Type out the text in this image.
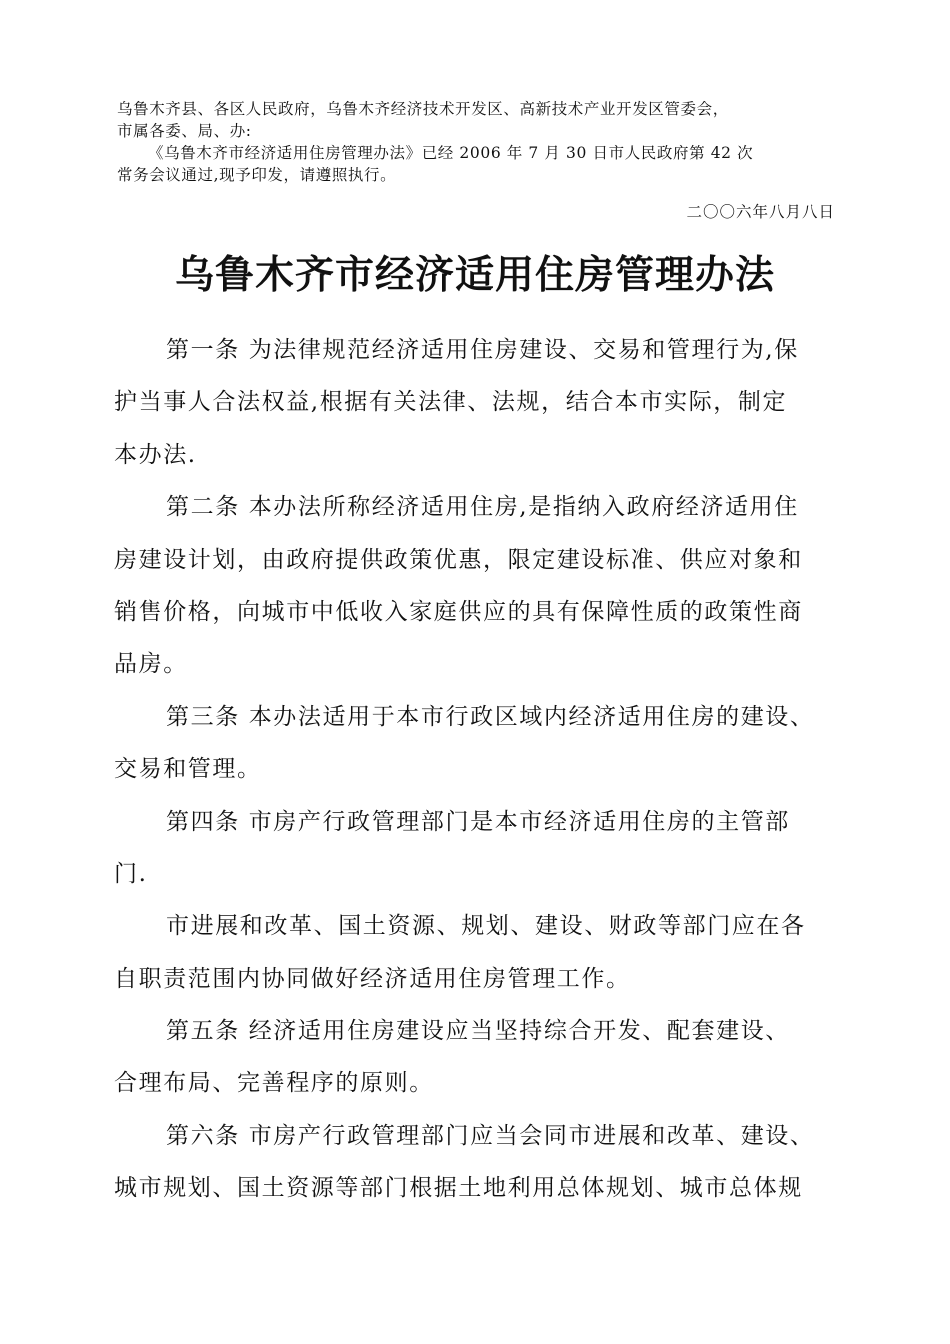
乌鲁木齐县、各区人民政府，乌鲁木齐经济技术开发区、高新技术产业开发区管委会，

市属各委、局、办:

《乌鲁木齐市经济适用住房管理办法》已经 2006 年 7 月 30 日市人民政府第 42 次

常务会议通过,现予印发，请遵照执行。

二〇〇六年八月八日
乌鲁木齐市经济适用住房管理办法
第一条 为法律规范经济适用住房建设、交易和管理行为,保
护当事人合法权益,根据有关法律、法规，结合本市实际，制定
本办法.
第二条 本办法所称经济适用住房,是指纳入政府经济适用住
房建设计划，由政府提供政策优惠，限定建设标准、供应对象和
销售价格，向城市中低收入家庭供应的具有保障性质的政策性商
品房。
第三条 本办法适用于本市行政区域内经济适用住房的建设、
交易和管理。
第四条 市房产行政管理部门是本市经济适用住房的主管部
门.
市进展和改革、国土资源、规划、建设、财政等部门应在各
自职责范围内协同做好经济适用住房管理工作。
第五条 经济适用住房建设应当坚持综合开发、配套建设、
合理布局、完善程序的原则。
第六条 市房产行政管理部门应当会同市进展和改革、建设、
城市规划、国土资源等部门根据土地利用总体规划、城市总体规
